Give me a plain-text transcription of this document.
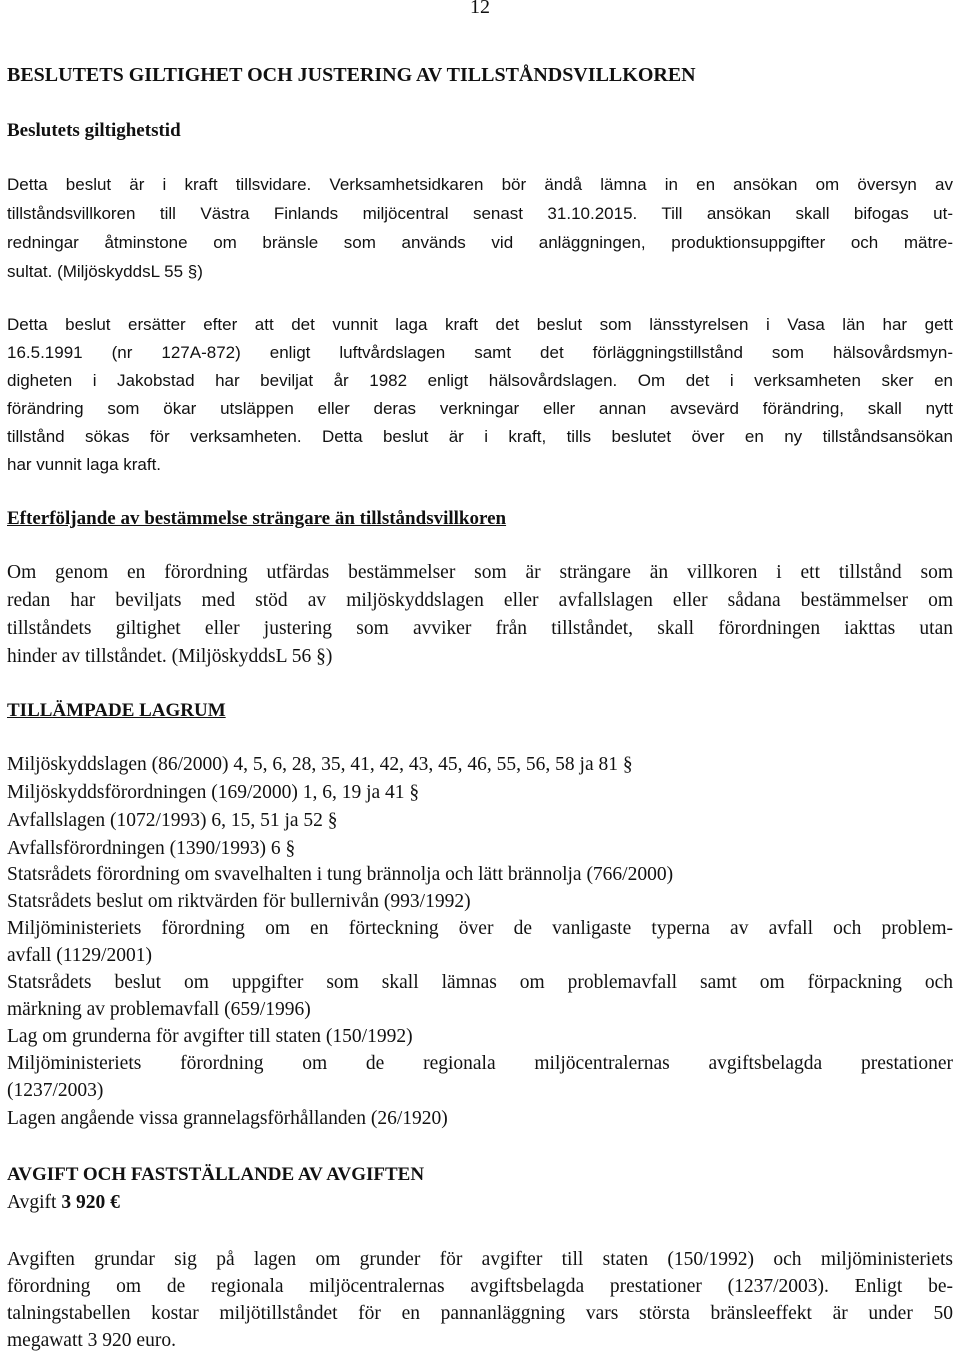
12
BESLUTETS GILTIGHET OCH JUSTERING AV TILLSTÅNDSVILLKOREN
Beslutets giltighetstid
Detta beslut är i kraft tillsvidare. Verksamhetsidkaren bör ändå lämna in en ansökan om översyn av
tillståndsvillkoren till Västra Finlands miljöcentral senast 31.10.2015. Till ansökan skall bifogas ut-
redningar åtminstone om bränsle som används vid anläggningen, produktionsuppgifter och mätre-
sultat. (MiljöskyddsL 55 §)
Detta beslut ersätter efter att det vunnit laga kraft det beslut som länsstyrelsen i Vasa län har gett
16.5.1991 (nr 127A-872) enligt luftvårdslagen samt det förläggningstillstånd som hälsovårdsmyn-
digheten i Jakobstad har beviljat år 1982 enligt hälsovårdslagen. Om det i verksamheten sker en
förändring som ökar utsläppen eller deras verkningar eller annan avsevärd förändring, skall nytt
tillstånd sökas för verksamheten. Detta beslut är i kraft, tills beslutet över en ny tillståndsansökan
har vunnit laga kraft.
Efterföljande av bestämmelse strängare än tillståndsvillkoren
Om genom en förordning utfärdas bestämmelser som är strängare än villkoren i ett tillstånd som
redan har beviljats med stöd av miljöskyddslagen eller avfallslagen eller sådana bestämmelser om
tillståndets giltighet eller justering som avviker från tillståndet, skall förordningen iakttas utan
hinder av tillståndet. (MiljöskyddsL 56 §)
TILLÄMPADE LAGRUM
Miljöskyddslagen (86/2000) 4, 5, 6, 28, 35, 41, 42, 43, 45, 46, 55, 56, 58 ja 81 §
Miljöskyddsförordningen (169/2000) 1, 6, 19 ja 41 §
Avfallslagen (1072/1993) 6, 15, 51 ja 52 §
Avfallsförordningen (1390/1993) 6 §
Statsrådets förordning om svavelhalten i tung brännolja och lätt brännolja (766/2000)
Statsrådets beslut om riktvärden för bullernivån (993/1992)
Miljöministeriets förordning om en förteckning över de vanligaste typerna av avfall och problem-
avfall (1129/2001)
Statsrådets beslut om uppgifter som skall lämnas om problemavfall samt om förpackning och
märkning av problemavfall (659/1996)
Lag om grunderna för avgifter till staten (150/1992)
Miljöministeriets förordning om de regionala miljöcentralernas avgiftsbelagda prestationer
(1237/2003)
Lagen angående vissa grannelagsförhållanden (26/1920)
AVGIFT OCH FASTSTÄLLANDE AV AVGIFTEN
Avgift 3 920 €
Avgiften grundar sig på lagen om grunder för avgifter till staten (150/1992) och miljöministeriets
förordning om de regionala miljöcentralernas avgiftsbelagda prestationer (1237/2003). Enligt be-
talningstabellen kostar miljötillståndet för en pannanläggning vars största bränsleeffekt är under 50
megawatt 3 920 euro.
